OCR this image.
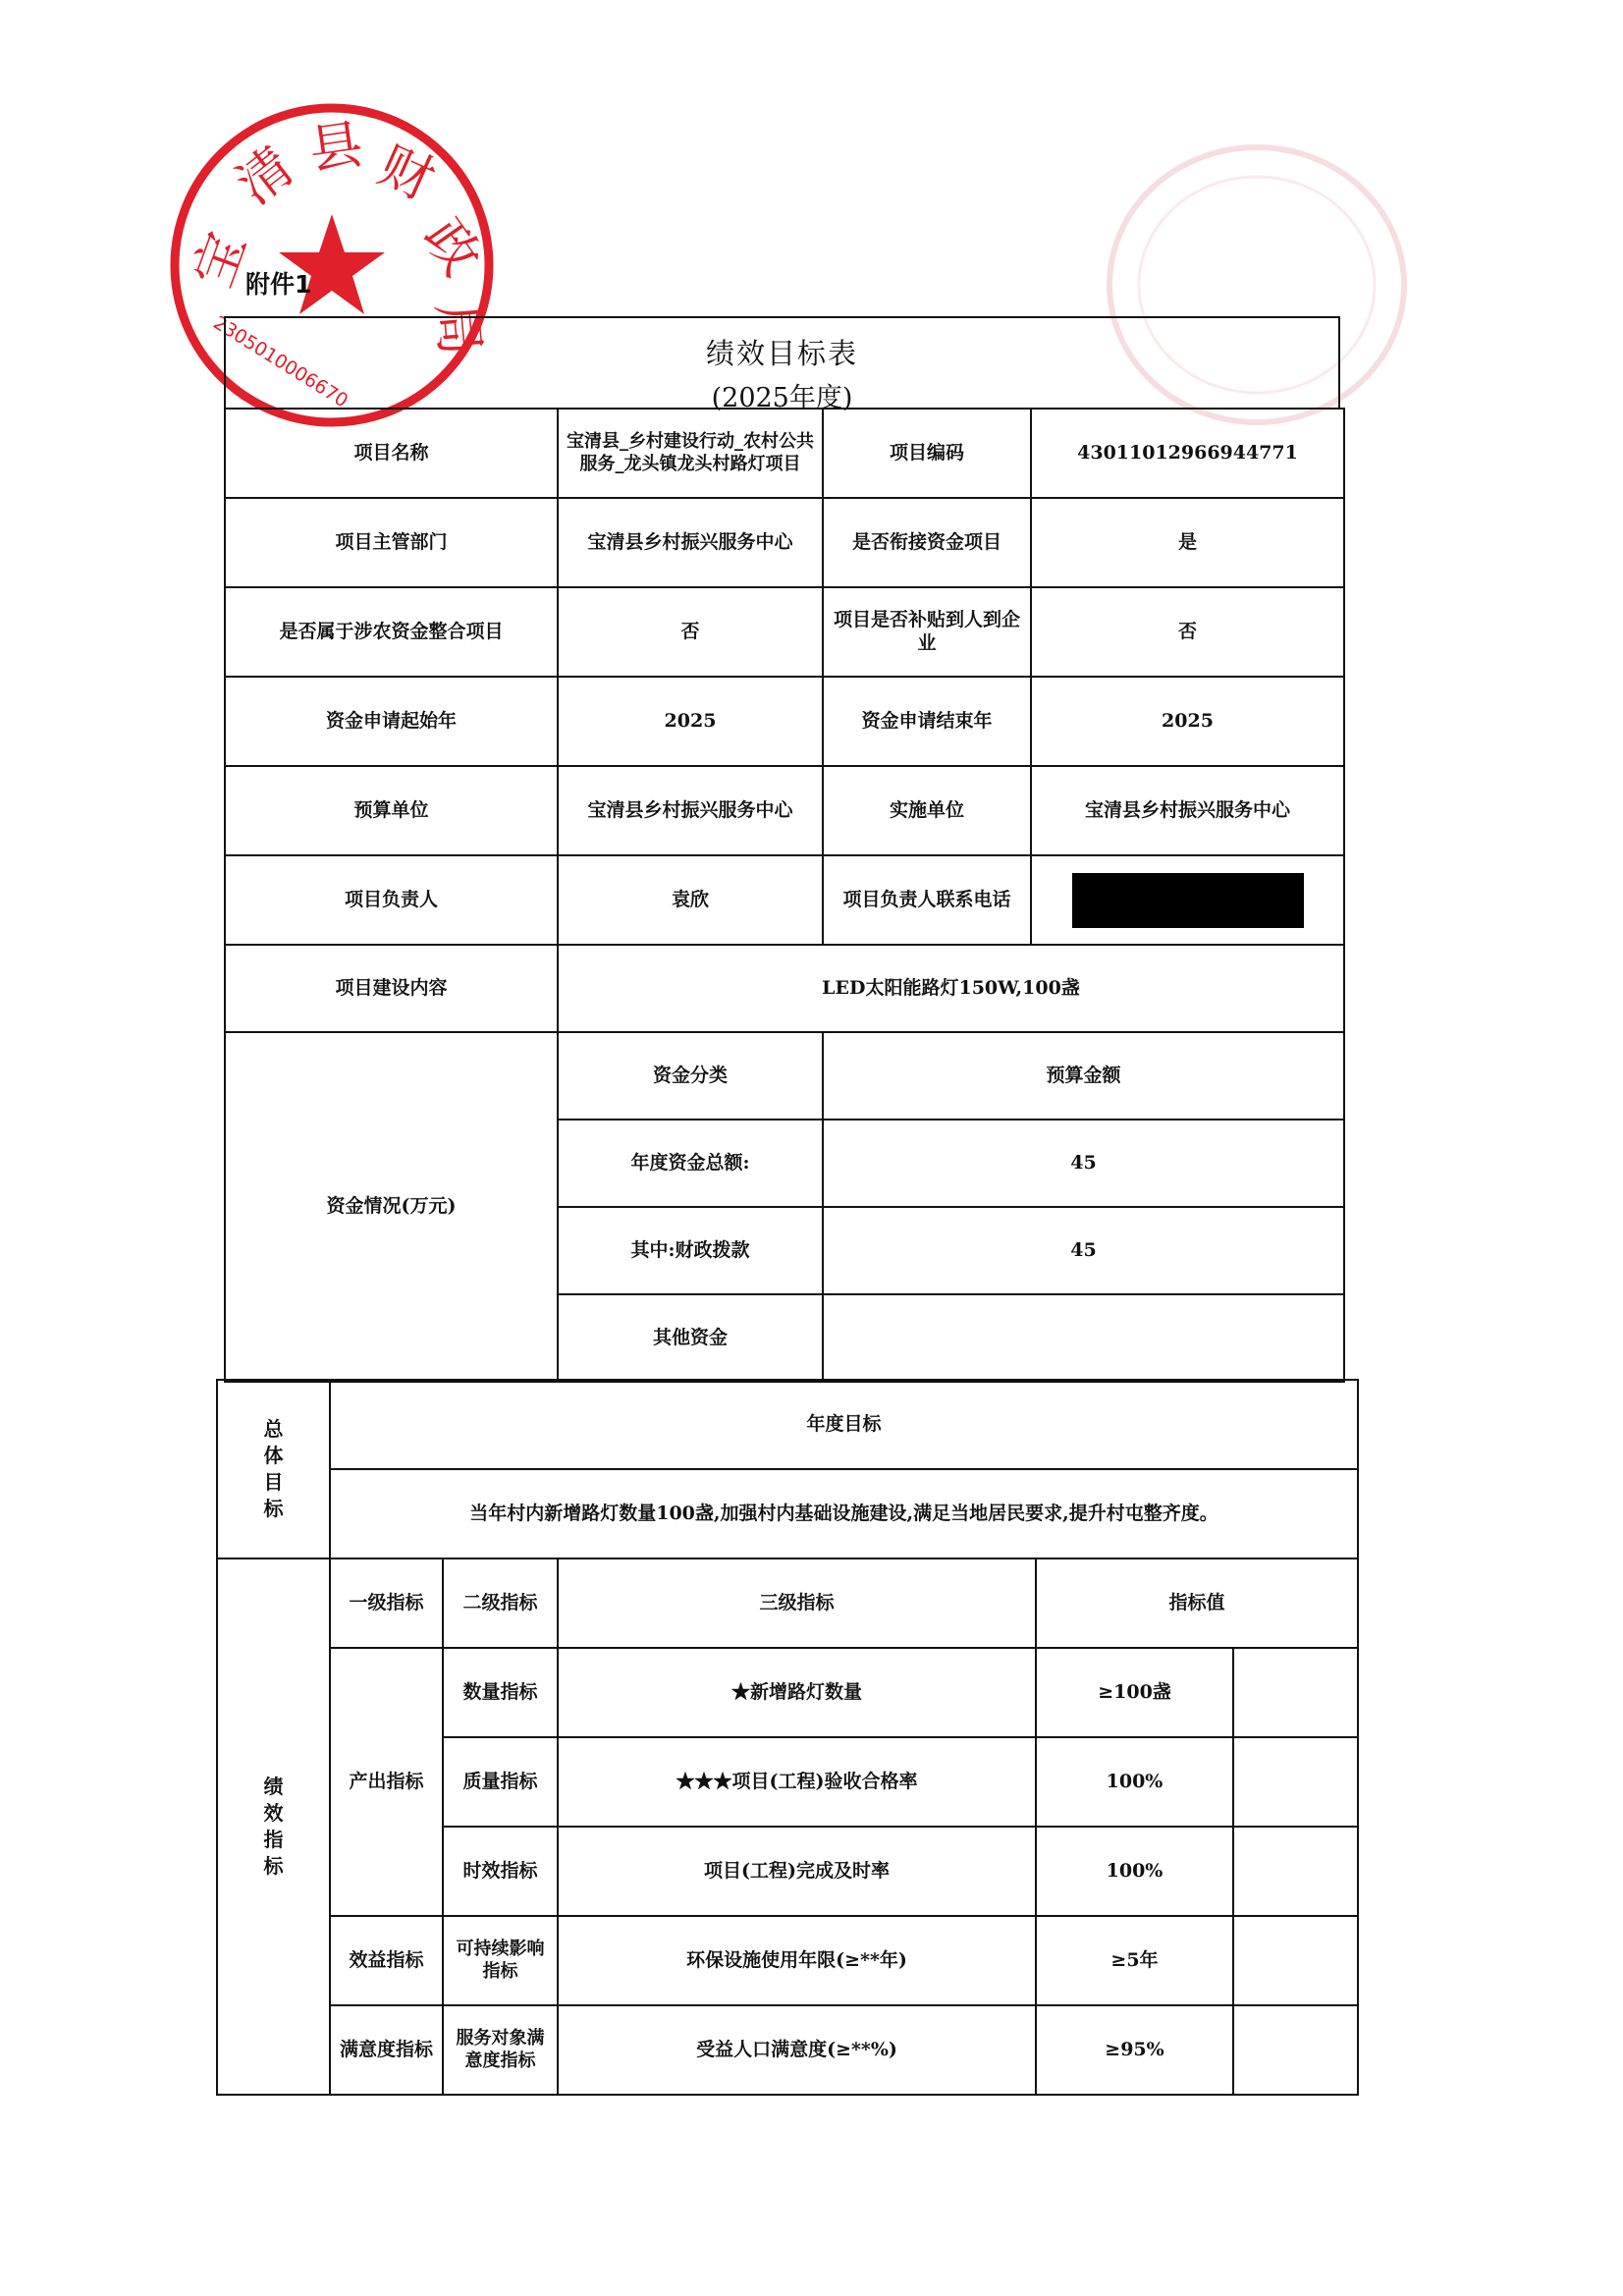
宝
清 县 财
政
局
2305010006670
附件1
绩效目标表
(2025年度)
项目名称	宝清县_乡村建设行动_农村公共服务_龙头镇龙头村路灯项目	项目编码	43011012966944771
项目主管部门	宝清县乡村振兴服务中心	是否衔接资金项目	是
是否属于涉农资金整合项目	否	项目是否补贴到人到企业	否
资金申请起始年	2025	资金申请结束年	2025
预算单位	宝清县乡村振兴服务中心	实施单位	宝清县乡村振兴服务中心
项目负责人	袁欣	项目负责人联系电话	
项目建设内容	LED太阳能路灯150W,100盏		
资金情况(万元)	资金分类	预算金额	
	年度资金总额:	45	
	其中:财政拨款	45	
	其他资金		
总体目标	年度目标				
	当年村内新增路灯数量100盏,加强村内基础设施建设,满足当地居民要求,提升村屯整齐度。				
绩效指标	一级指标	二级指标	三级指标	指标值	
	产出指标	数量指标	★新增路灯数量	≥100盏	
		质量指标	★★★项目(工程)验收合格率	100%	
		时效指标	项目(工程)完成及时率	100%	
	效益指标	可持续影响指标	环保设施使用年限(≥**年)	≥5年	
	满意度指标	服务对象满意度指标	受益人口满意度(≥**%)	≥95%	
